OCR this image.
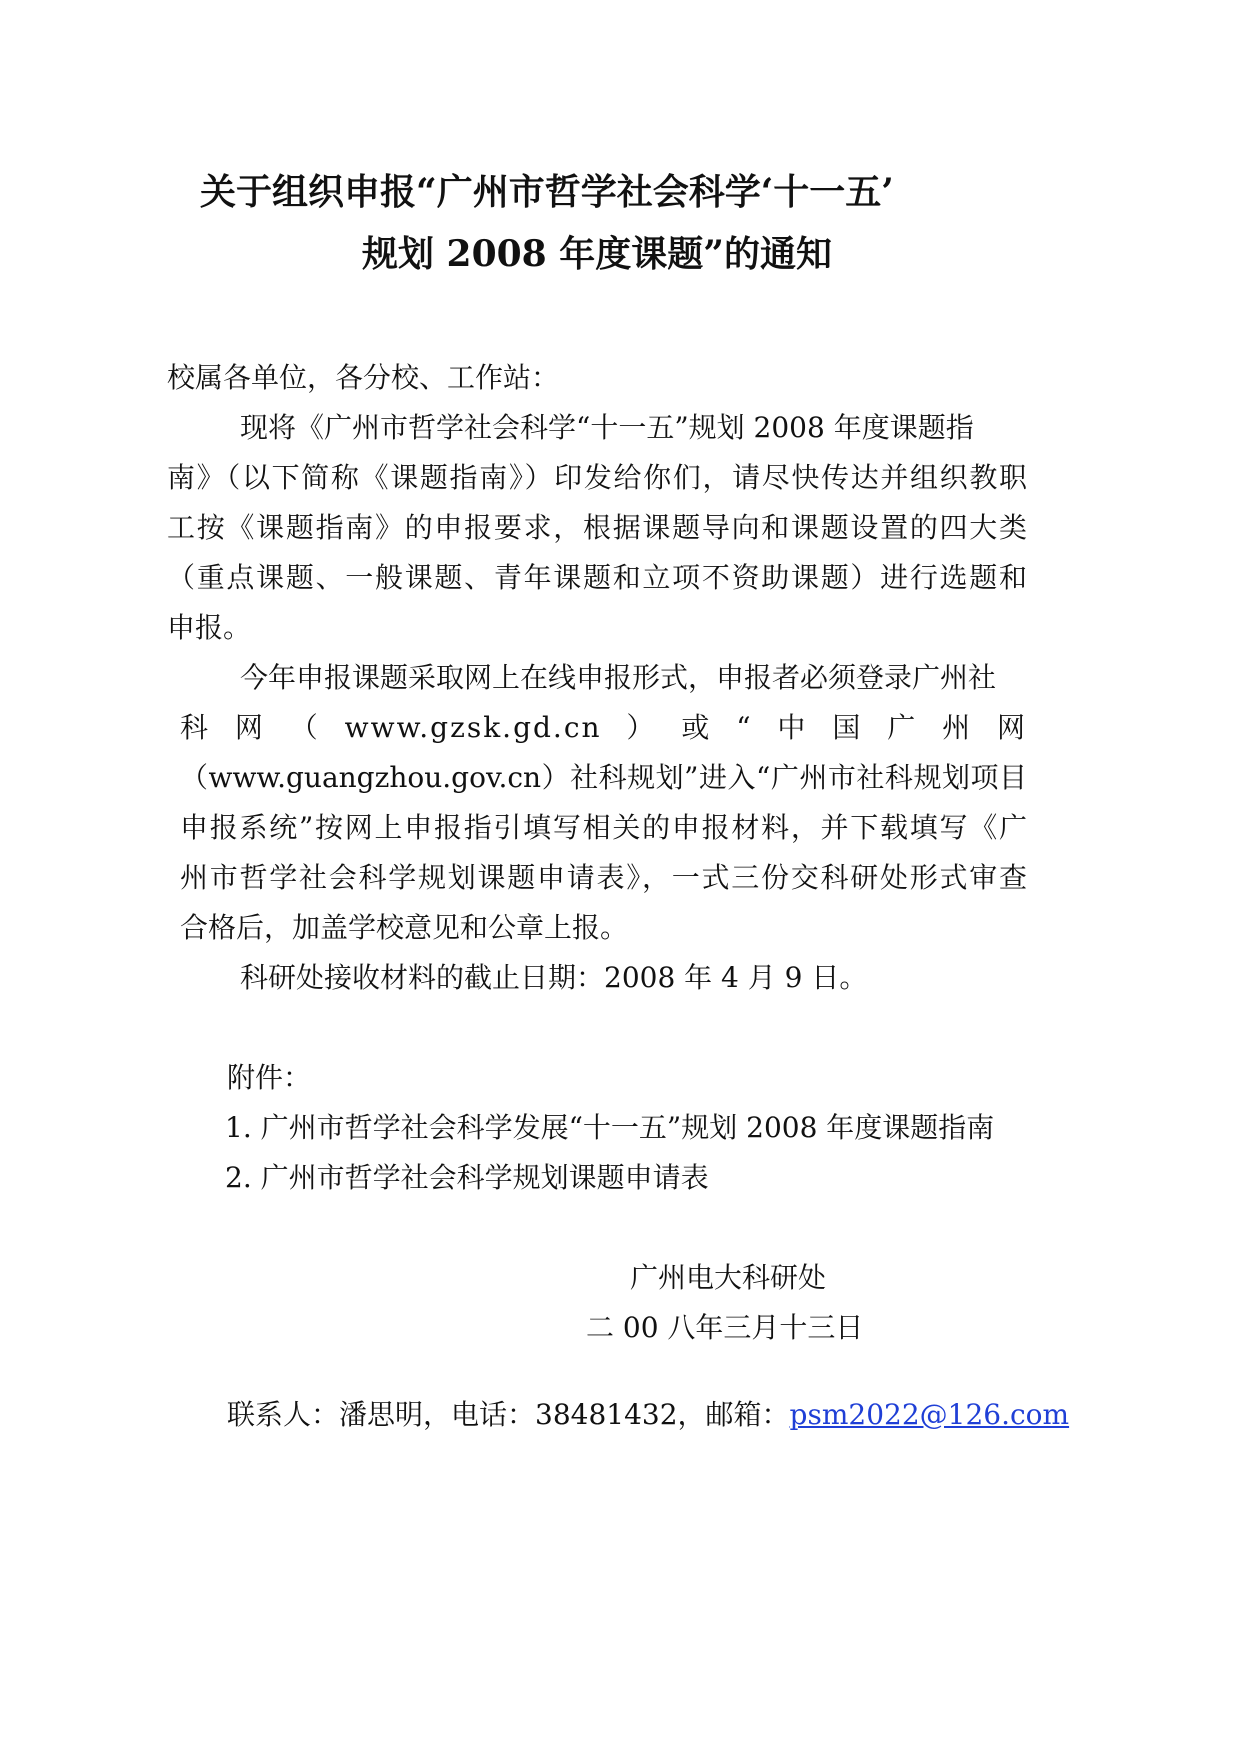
关于组织申报“广州市哲学社会科学‘十一五’
规划 2008 年度课题”的通知
校属各单位，各分校、工作站：
现将《广州市哲学社会科学“十一五”规划 2008 年度课题指
南》（以下简称《课题指南》）印发给你们，请尽快传达并组织教职
工按《课题指南》的申报要求，根据课题导向和课题设置的四大类
（重点课题、一般课题、青年课题和立项不资助课题）进行选题和
申报。
今年申报课题采取网上在线申报形式，申报者必须登录广州社
科网（www.gzsk.gd.cn）或“中国广州网
（www.guangzhou.gov.cn）社科规划”进入“广州市社科规划项目
申报系统”按网上申报指引填写相关的申报材料，并下载填写《广
州市哲学社会科学规划课题申请表》，一式三份交科研处形式审查
合格后，加盖学校意见和公章上报。
科研处接收材料的截止日期：2008 年 4 月 9 日。
附件：
1. 广州市哲学社会科学发展“十一五”规划 2008 年度课题指南
2. 广州市哲学社会科学规划课题申请表
广州电大科研处
二 00 八年三月十三日
联系人：潘思明，电话：38481432，邮箱：psm2022@126.com
